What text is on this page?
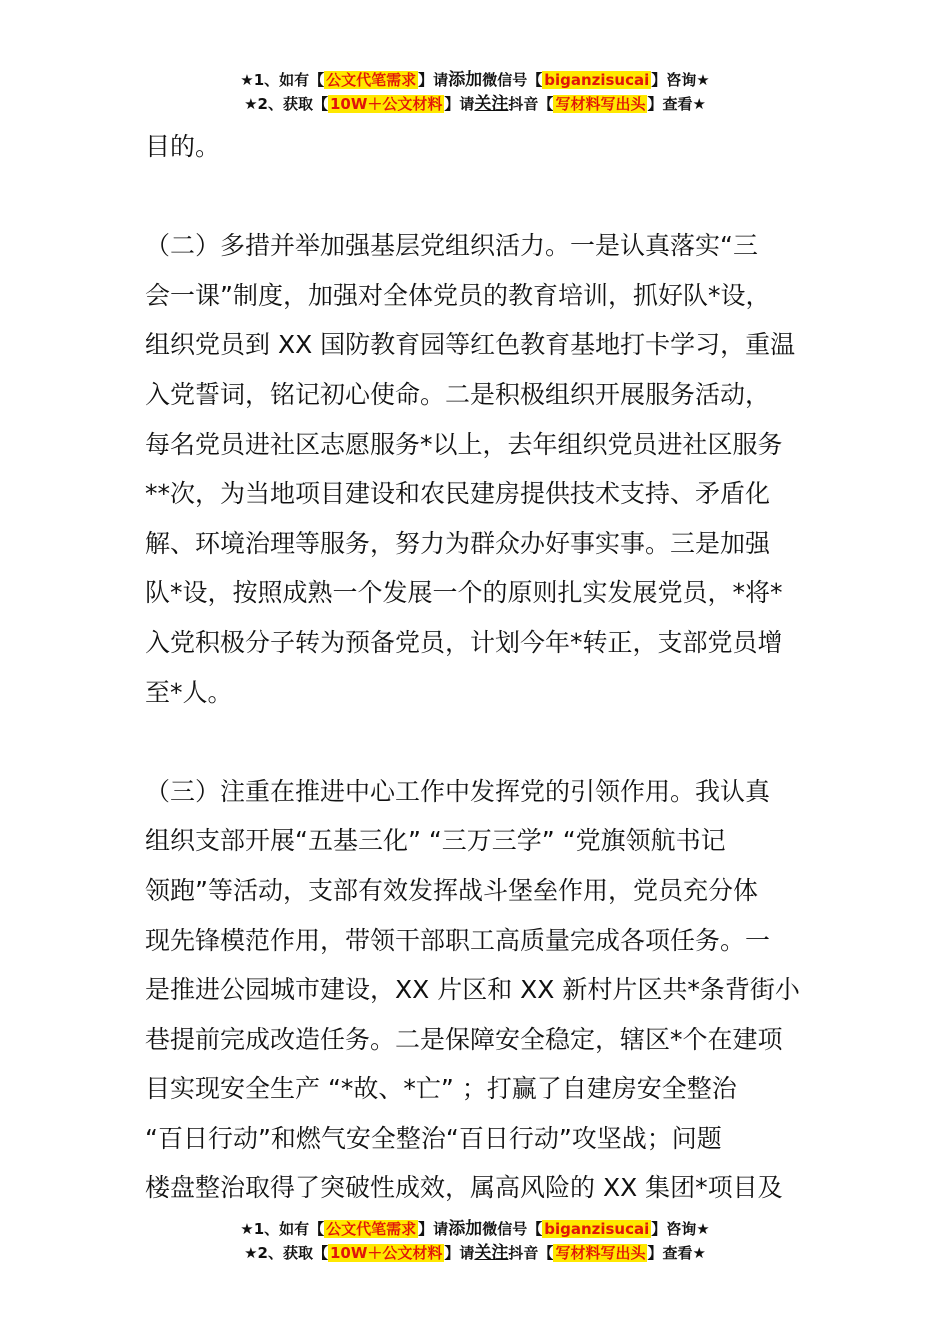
★1、如有【 公文代笔需求 】请添加微信号【 biganzisucai 】咨询★
★2、获取【 10W＋公文材料 】请关注抖音【 写材料写出头 】查看★

目的。

（二）多措并举加强基层党组织活力。一是认真落实“三

会一课”制度，加强对全体党员的教育培训，抓好队*设，

组织党员到 XX 国防教育园等红色教育基地打卡学习，重温

入党誓词，铭记初心使命。二是积极组织开展服务活动，

每名党员进社区志愿服务*以上，去年组织党员进社区服务

**次，为当地项目建设和农民建房提供技术支持、矛盾化

解、环境治理等服务，努力为群众办好事实事。三是加强

队*设，按照成熟一个发展一个的原则扎实发展党员，*将*

入党积极分子转为预备党员，计划今年*转正，支部党员增

至*人。

（三）注重在推进中心工作中发挥党的引领作用。我认真

组织支部开展“五基三化” “三万三学” “党旗领航书记

领跑”等活动，支部有效发挥战斗堡垒作用，党员充分体

现先锋模范作用，带领干部职工高质量完成各项任务。一

是推进公园城市建设，XX 片区和 XX 新村片区共*条背街小

巷提前完成改造任务。二是保障安全稳定，辖区*个在建项

目实现安全生产 “*故、*亡” ；打赢了自建房安全整治

“百日行动”和燃气安全整治“百日行动”攻坚战；问题

楼盘整治取得了突破性成效，属高风险的 XX 集团*项目及

★1、如有【 公文代笔需求 】请添加微信号【 biganzisucai 】咨询★
★2、获取【 10W＋公文材料 】请关注抖音【 写材料写出头 】查看★
